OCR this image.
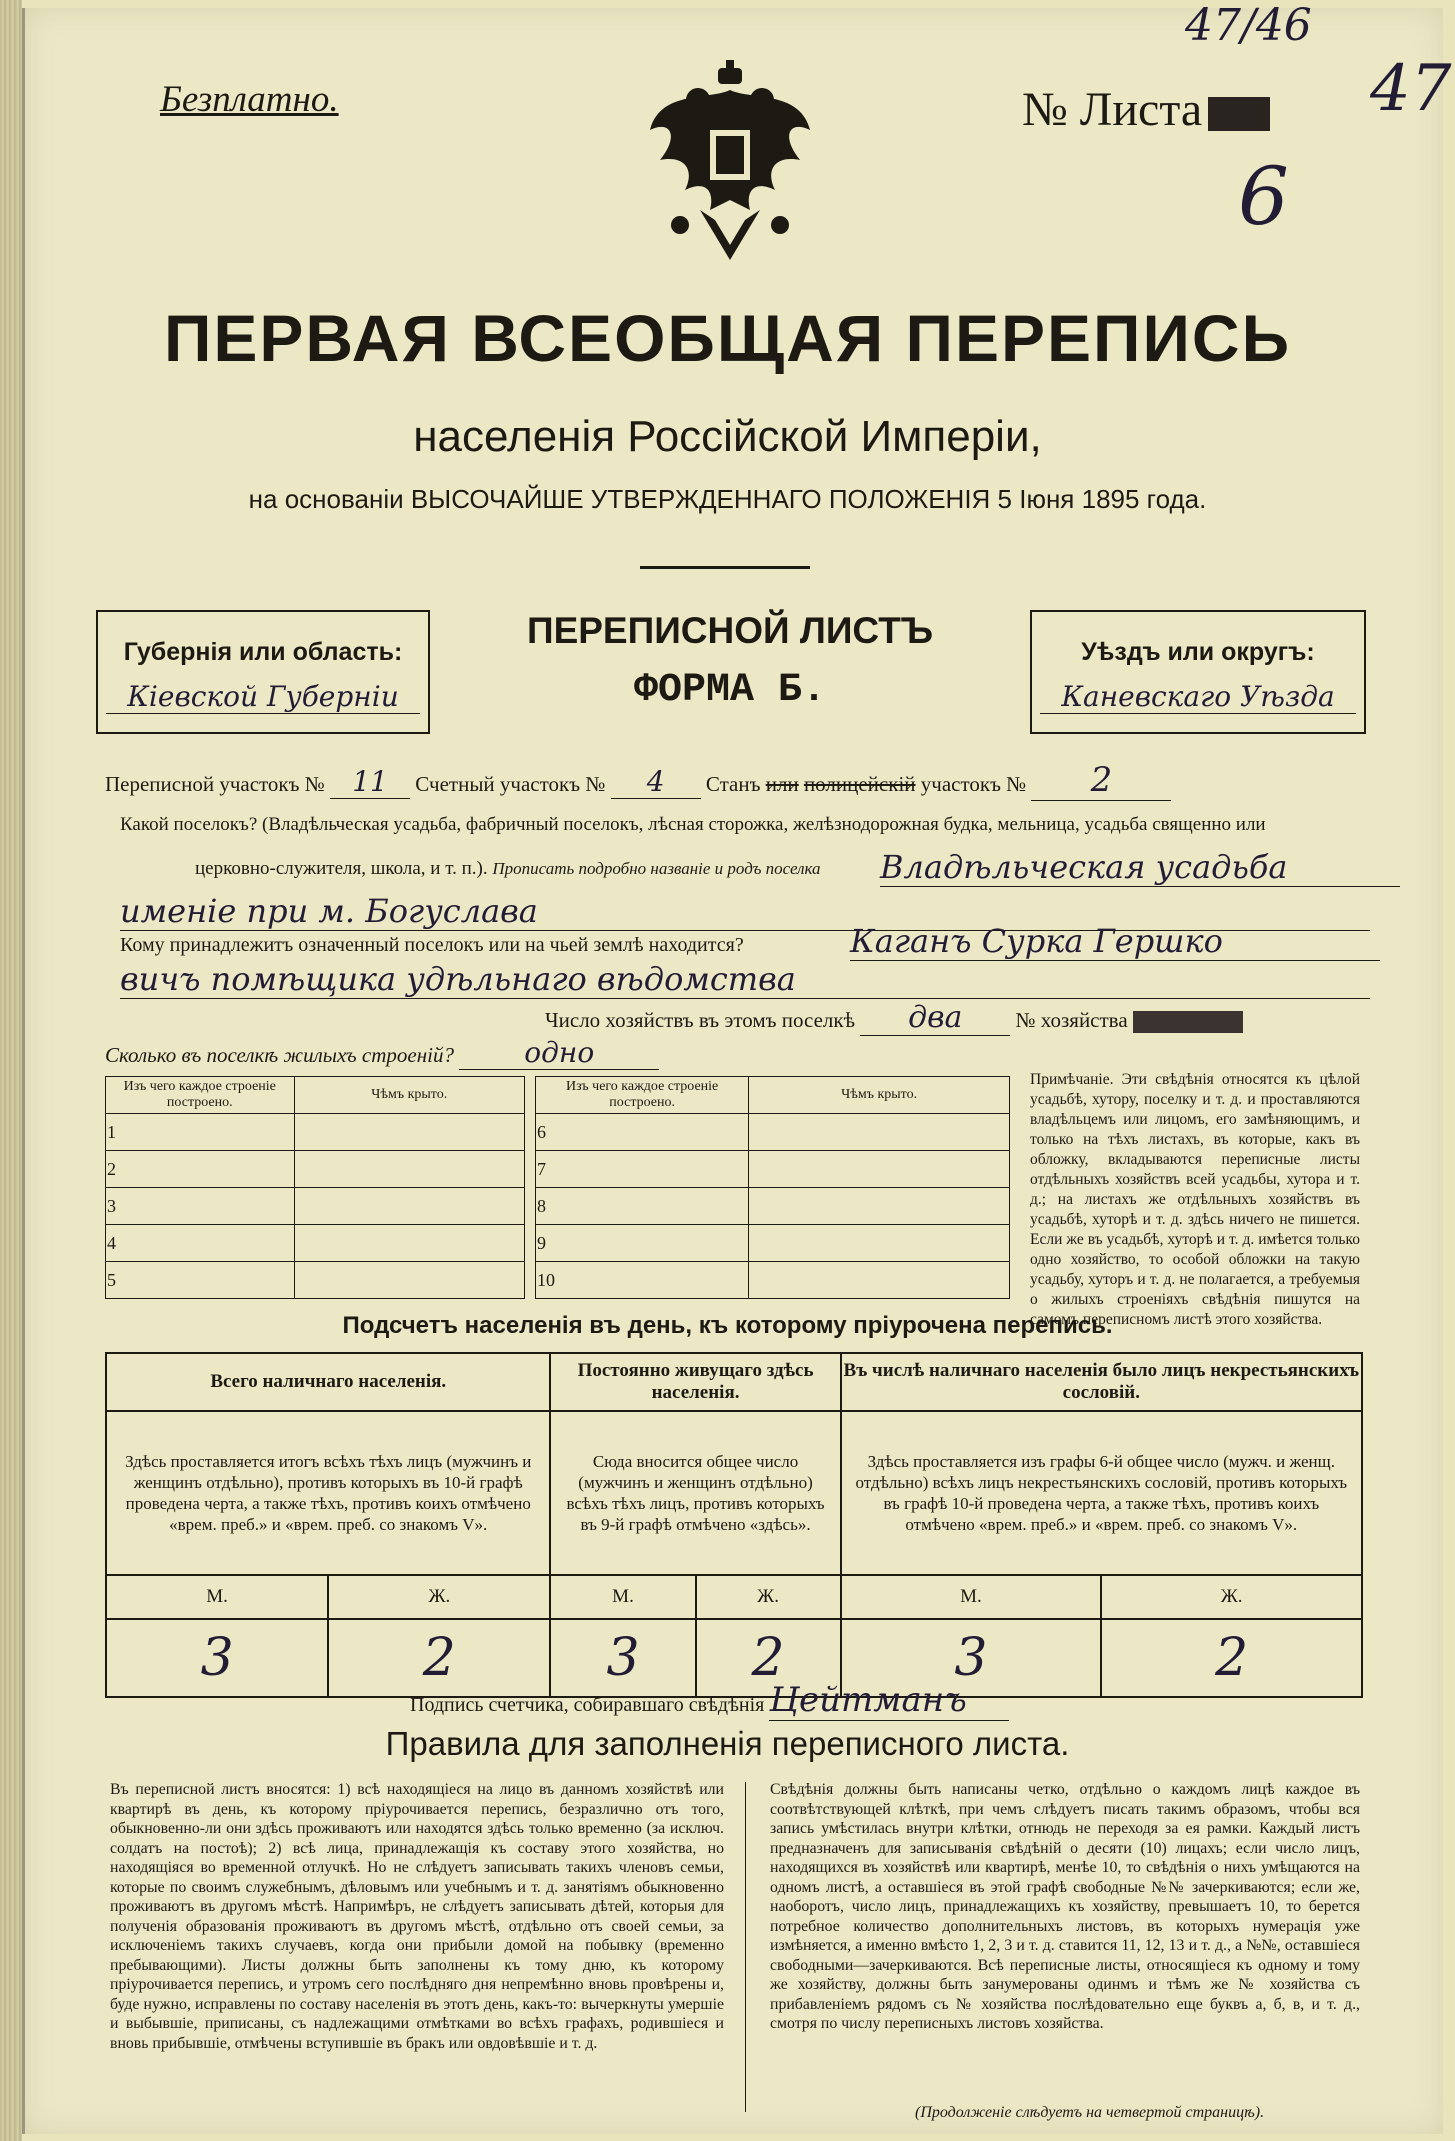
Безплатно.	№ Листа
47/46
47
6
ПЕРВАЯ ВСЕОБЩАЯ ПЕРЕПИСЬ
населенія Россійской Имперіи,
на основаніи ВЫСОЧАЙШЕ УТВЕРЖДЕННАГО ПОЛОЖЕНІЯ 5 Іюня 1895 года.
Губернія или область:
Кіевской Губерніи
ПЕРЕПИСНОЙ ЛИСТЪ
ФОРМА Б.
Уѣздъ или округъ:
Каневскаго Уѣзда
Переписной участокъ № 11 Счетный участокъ № 4 Станъ или полицейскій участокъ № 2
Какой поселокъ? (Владѣльческая усадьба, фабричный поселокъ, лѣсная сторожка, желѣзнодорожная будка, мельница, усадьба священно или
церковно-служителя, школа, и т. п.). Прописать подробно названіе и родъ поселка Владѣльческая усадьба
именіе при м. Богуслава
Кому принадлежитъ означенный поселокъ или на чьей землѣ находится?	Каганъ Сурка Гершко
вичъ помѣщика удѣльнаго вѣдомства
Число хозяйствъ въ этомъ поселкѣ два	№ хозяйства
Сколько въ поселкѣ жилыхъ строеній?	одно
Изъ чего каждое строеніе построено.	Чѣмъ крыто.
1	
2	
3	
4	
5	
Изъ чего каждое строеніе построено.	Чѣмъ крыто.
6	
7	
8	
9	
10	
Примѣчаніе. Эти свѣдѣнія относятся къ цѣлой усадьбѣ, хутору, поселку и т. д. и проставляются владѣльцемъ или лицомъ, его замѣняющимъ, и только на тѣхъ листахъ, въ которые, какъ въ обложку, вкладываются переписные листы отдѣльныхъ хозяйствъ всей усадьбы, хутора и т. д.; на листахъ же отдѣльныхъ хозяйствъ въ усадьбѣ, хуторѣ и т. д. здѣсь ничего не пишется. Если же въ усадьбѣ, хуторѣ и т. д. имѣется только одно хозяйство, то особой обложки на такую усадьбу, хуторъ и т. д. не полагается, а требуемыя о жилыхъ строеніяхъ свѣдѣнія пишутся на самомъ переписномъ листѣ этого хозяйства.
Подсчетъ населенія въ день, къ которому пріурочена перепись.
Всего наличнаго населенія.		Постоянно живущаго здѣсь населенія.		Въ числѣ наличнаго населенія было лицъ некрестьянскихъ сословій.	
Здѣсь проставляется итогъ всѣхъ тѣхъ лицъ (мужчинъ и женщинъ отдѣльно), противъ которыхъ въ 10-й графѣ проведена черта, а также тѣхъ, противъ коихъ отмѣчено «врем. преб.» и «врем. преб. со знакомъ V».		Сюда вносится общее число (мужчинъ и женщинъ отдѣльно) всѣхъ тѣхъ лицъ, противъ которыхъ въ 9-й графѣ отмѣчено «здѣсь».		Здѣсь проставляется изъ графы 6-й общее число (мужч. и женщ. отдѣльно) всѣхъ лицъ некрестьянскихъ сословій, противъ которыхъ въ графѣ 10-й проведена черта, а также тѣхъ, противъ коихъ отмѣчено «врем. преб.» и «врем. преб. со знакомъ V».	
М.	Ж.	М.	Ж.	М.	Ж.
3	2	3	2	3	2
Подпись счетчика, собиравшаго свѣдѣнія Цейтманъ
Правила для заполненія переписного листа.
Въ переписной листъ вносятся: 1) всѣ находящіеся на лицо въ данномъ хозяйствѣ или квартирѣ въ день, къ которому пріурочивается перепись, безразлично отъ того, обыкновенно-ли они здѣсь проживаютъ или находятся здѣсь только временно (за исключ. солдатъ на постоѣ); 2) всѣ лица, принадлежащія къ составу этого хозяйства, но находящіяся во временной отлучкѣ. Но не слѣдуетъ записывать такихъ членовъ семьи, которые по своимъ служебнымъ, дѣловымъ или учебнымъ и т. д. занятіямъ обыкновенно проживаютъ въ другомъ мѣстѣ. Напримѣръ, не слѣдуетъ записывать дѣтей, которыя для полученія образованія проживаютъ въ другомъ мѣстѣ, отдѣльно отъ своей семьи, за исключеніемъ такихъ случаевъ, когда они прибыли домой на побывку (временно пребывающими). Листы должны быть заполнены къ тому дню, къ которому пріурочивается перепись, и утромъ сего послѣдняго дня непремѣнно вновь провѣрены и, буде нужно, исправлены по составу населенія въ этотъ день, какъ-то: вычеркнуты умершіе и выбывшіе, приписаны, съ надлежащими отмѣтками во всѣхъ графахъ, родившіеся и вновь прибывшіе, отмѣчены вступившіе въ бракъ или овдовѣвшіе и т. д.
Свѣдѣнія должны быть написаны четко, отдѣльно о каждомъ лицѣ каждое въ соотвѣтствующей клѣткѣ, при чемъ слѣдуетъ писать такимъ образомъ, чтобы вся запись умѣстилась внутри клѣтки, отнюдь не переходя за ея рамки. Каждый листъ предназначенъ для записыванія свѣдѣній о десяти (10) лицахъ; если число лицъ, находящихся въ хозяйствѣ или квартирѣ, менѣе 10, то свѣдѣнія о нихъ умѣщаются на одномъ листѣ, а оставшіеся въ этой графѣ свободные №№ зачеркиваются; если же, наоборотъ, число лицъ, принадлежащихъ къ хозяйству, превышаетъ 10, то берется потребное количество дополнительныхъ листовъ, въ которыхъ нумерація уже измѣняется, а именно вмѣсто 1, 2, 3 и т. д. ставится 11, 12, 13 и т. д., а №№, оставшіеся свободными—зачеркиваются. Всѣ переписные листы, относящіеся къ одному и тому же хозяйству, должны быть занумерованы одинмъ и тѣмъ же № хозяйства съ прибавленіемъ рядомъ съ № хозяйства послѣдовательно еще буквъ а, б, в, и т. д., смотря по числу переписныхъ листовъ хозяйства.
(Продолженіе слѣдуетъ на четвертой страницѣ).
